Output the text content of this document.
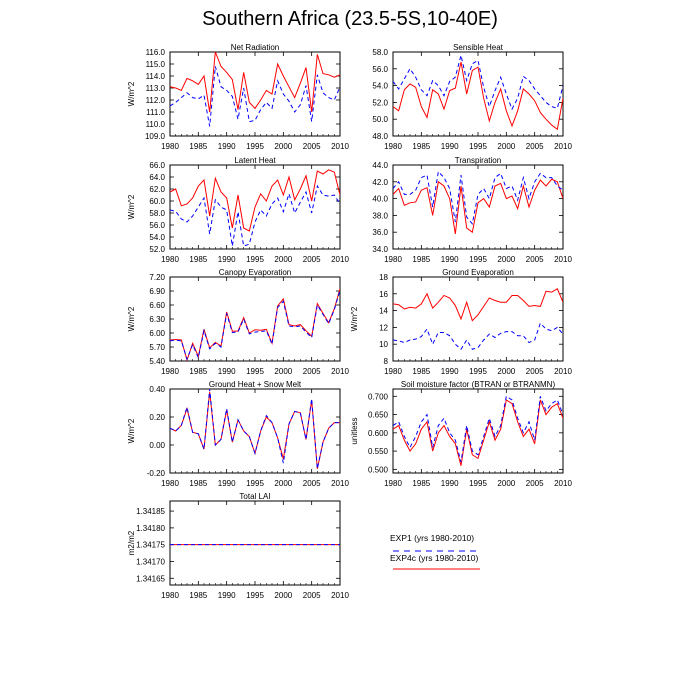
Southern Africa (23.5-5S,10-40E)
1980 1985 1990 1995 2000 2005 2010
109.0
110.0
111.0
112.0
113.0
114.0
115.0
116.0
Net Radiation
W/m^2
1980 1985 1990 1995 2000 2005 2010
48.0
50.0
52.0
54.0
56.0
58.0
Sensible Heat
1980 1985 1990 1995 2000 2005 2010
52.0
54.0
56.0
58.0
60.0
62.0
64.0
66.0
Latent Heat
W/m^2
1980 1985 1990 1995 2000 2005 2010
34.0
36.0
38.0
40.0
42.0
44.0
Transpiration
1980 1985 1990 1995 2000 2005 2010
5.40
5.70
6.00
6.30
6.60
6.90
7.20
Canopy Evaporation
W/m^2
1980 1985 1990 1995 2000 2005 2010
8
10
12
14
16
18
Ground Evaporation
W/m^2
1980 1985 1990 1995 2000 2005 2010
-0.20
0.00
0.20
0.40
Ground Heat + Snow Melt
W/m^2
1980 1985 1990 1995 2000 2005 2010
0.500
0.550
0.600
0.650
0.700
Soil moisture factor (BTRAN or BTRANMN)
unitless
1980 1985 1990 1995 2000 2005 2010
1.34165
1.34170
1.34175
1.34180
1.34185
Total LAI
m2/m2	EXP1 (yrs 1980-2010)
EXP4c (yrs 1980-2010)
